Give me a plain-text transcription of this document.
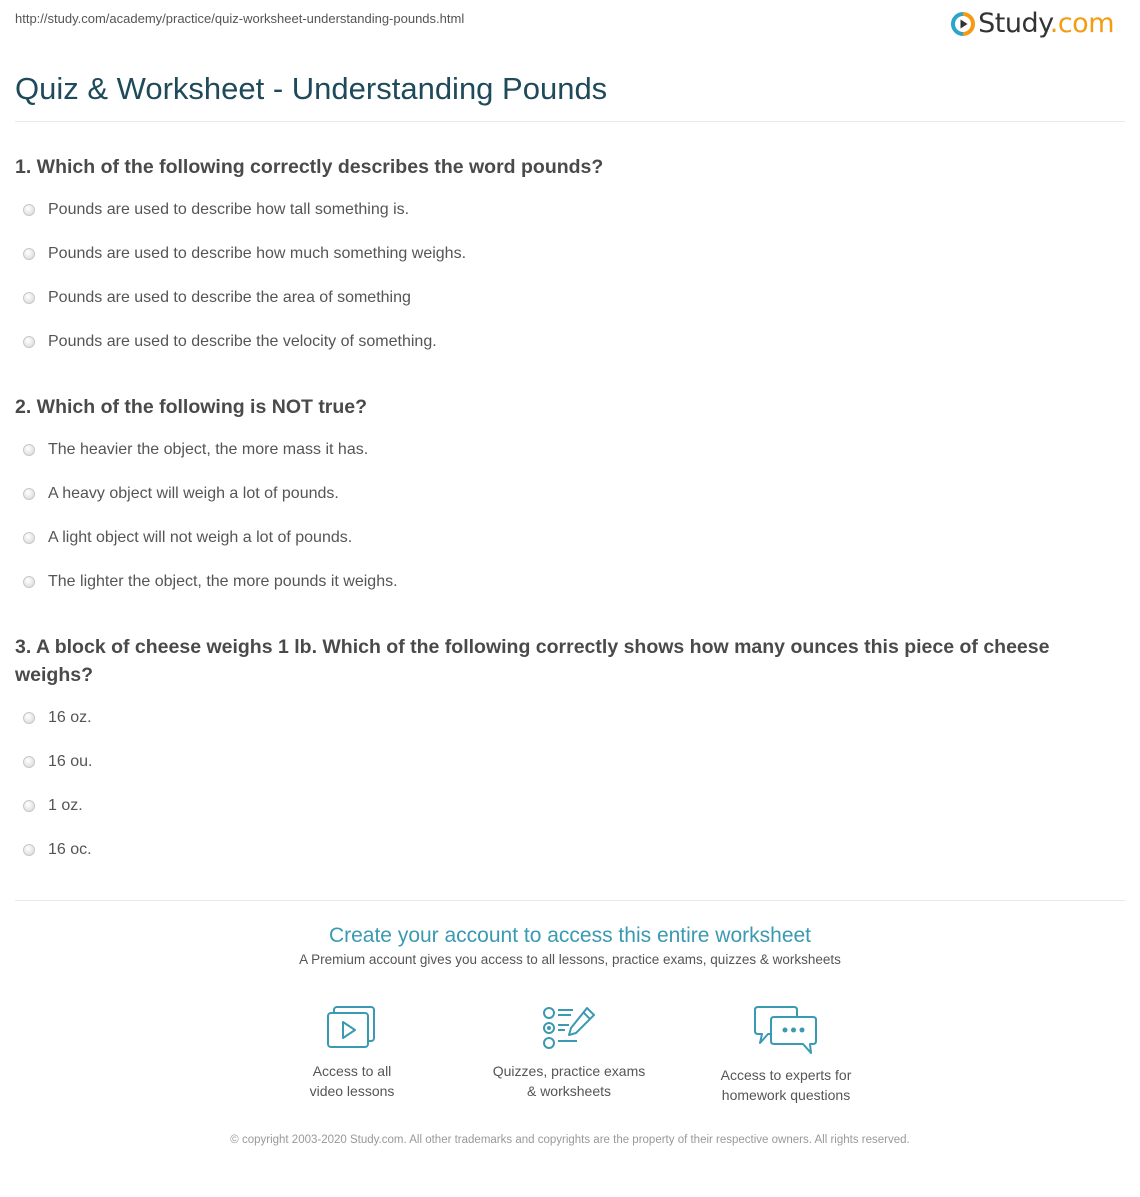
http://study.com/academy/practice/quiz-worksheet-understanding-pounds.html	Study.com
Quiz & Worksheet - Understanding Pounds

1. Which of the following correctly describes the word pounds?

Pounds are used to describe how tall something is.
Pounds are used to describe how much something weighs.
Pounds are used to describe the area of something
Pounds are used to describe the velocity of something.

2. Which of the following is NOT true?

The heavier the object, the more mass it has.
A heavy object will weigh a lot of pounds.
A light object will not weigh a lot of pounds.
The lighter the object, the more pounds it weighs.

3. A block of cheese weighs 1 lb. Which of the following correctly shows how many ounces this piece of cheese weighs?

16 oz.
16 ou.
1 oz.
16 oc.
Create your account to access this entire worksheet

A Premium account gives you access to all lessons, practice exams, quizzes & worksheets

Access to all
video lessons
Quizzes, practice exams
& worksheets
Access to experts for
homework questions
© copyright 2003-2020 Study.com. All other trademarks and copyrights are the property of their respective owners. All rights reserved.
